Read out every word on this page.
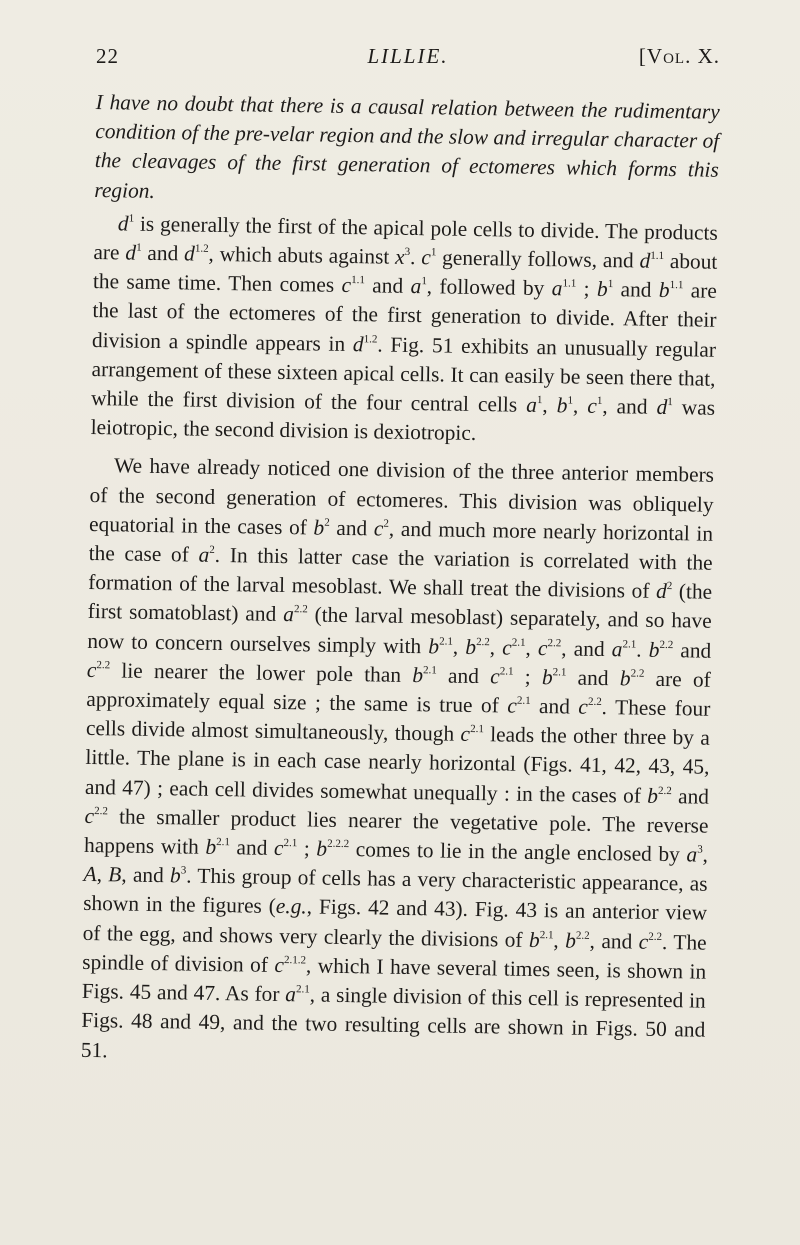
22	LILLIE.	[Vol. X.

I have no doubt that there is a causal relation between the rudimentary condition of the pre-velar region and the slow and irregular character of the cleavages of the first generation of ectomeres which forms this region.

$d^1$ is generally the first of the apical pole cells to divide. The products are $d^1$ and $d^{1.2}$, which abuts against $x^3$. $c^1$ generally follows, and $d^{1.1}$ about the same time. Then comes $c^{1.1}$ and $a^1$, followed by $a^{1.1}$ ; $b^1$ and $b^{1.1}$ are the last of the ectomeres of the first generation to divide. After their division a spindle appears in $d^{1.2}$. Fig. 51 exhibits an unusually regular arrangement of these sixteen apical cells. It can easily be seen there that, while the first division of the four central cells $a^1$, $b^1$, $c^1$, and $d^1$ was leiotropic, the second division is dexiotropic.

We have already noticed one division of the three anterior members of the second generation of ectomeres. This division was obliquely equatorial in the cases of $b^2$ and $c^2$, and much more nearly horizontal in the case of $a^2$. In this latter case the variation is correlated with the formation of the larval mesoblast. We shall treat the divisions of $d^2$ (the first somatoblast) and $a^{2.2}$ (the larval mesoblast) separately, and so have now to concern ourselves simply with $b^{2.1}$, $b^{2.2}$, $c^{2.1}$, $c^{2.2}$, and $a^{2.1}$. $b^{2.2}$ and $c^{2.2}$ lie nearer the lower pole than $b^{2.1}$ and $c^{2.1}$ ; $b^{2.1}$ and $b^{2.2}$ are of approximately equal size ; the same is true of $c^{2.1}$ and $c^{2.2}$. These four cells divide almost simultaneously, though $c^{2.1}$ leads the other three by a little. The plane is in each case nearly horizontal (Figs. 41, 42, 43, 45, and 47) ; each cell divides somewhat unequally : in the cases of $b^{2.2}$ and $c^{2.2}$ the smaller product lies nearer the vegetative pole. The reverse happens with $b^{2.1}$ and $c^{2.1}$ ; $b^{2.2.2}$ comes to lie in the angle enclosed by $a^3$, A, B, and $b^3$. This group of cells has a very characteristic appearance, as shown in the figures (e.g., Figs. 42 and 43). Fig. 43 is an anterior view of the egg, and shows very clearly the divisions of $b^{2.1}$, $b^{2.2}$, and $c^{2.2}$. The spindle of division of $c^{2.1.2}$, which I have several times seen, is shown in Figs. 45 and 47. As for $a^{2.1}$, a single division of this cell is represented in Figs. 48 and 49, and the two resulting cells are shown in Figs. 50 and 51.
